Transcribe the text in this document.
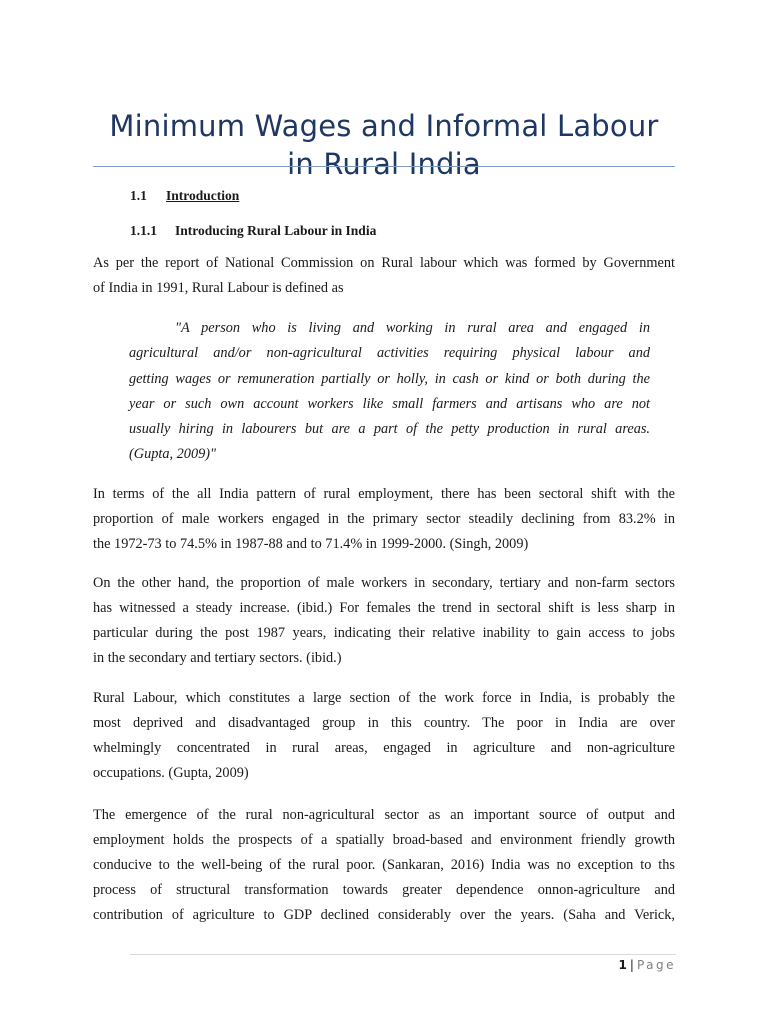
Minimum Wages and Informal Labour
in Rural India
1.1 Introduction
1.1.1 Introducing Rural Labour in India
As per the report of National Commission on Rural labour which was formed by Government
of India in 1991, Rural Labour is defined as
"A person who is living and working in rural area and engaged in
agricultural and/or non-agricultural activities requiring physical labour and
getting wages or remuneration partially or holly, in cash or kind or both during the
year or such own account workers like small farmers and artisans who are not
usually hiring in labourers but are a part of the petty production in rural areas.
(Gupta, 2009)"
In terms of the all India pattern of rural employment, there has been sectoral shift with the
proportion of male workers engaged in the primary sector steadily declining from 83.2% in
the 1972-73 to 74.5% in 1987-88 and to 71.4% in 1999-2000. (Singh, 2009)
On the other hand, the proportion of male workers in secondary, tertiary and non-farm sectors
has witnessed a steady increase. (ibid.) For females the trend in sectoral shift is less sharp in
particular during the post 1987 years, indicating their relative inability to gain access to jobs
in the secondary and tertiary sectors. (ibid.)
Rural Labour, which constitutes a large section of the work force in India, is probably the
most deprived and disadvantaged group in this country. The poor in India are over
whelmingly concentrated in rural areas, engaged in agriculture and non-agriculture
occupations. (Gupta, 2009)
The emergence of the rural non-agricultural sector as an important source of output and
employment holds the prospects of a spatially broad-based and environment friendly growth
conducive to the well-being of the rural poor. (Sankaran, 2016) India was no exception to ths
process of structural transformation towards greater dependence onnon-agriculture and
contribution of agriculture to GDP declined considerably over the years. (Saha and Verick,
1 | Page
